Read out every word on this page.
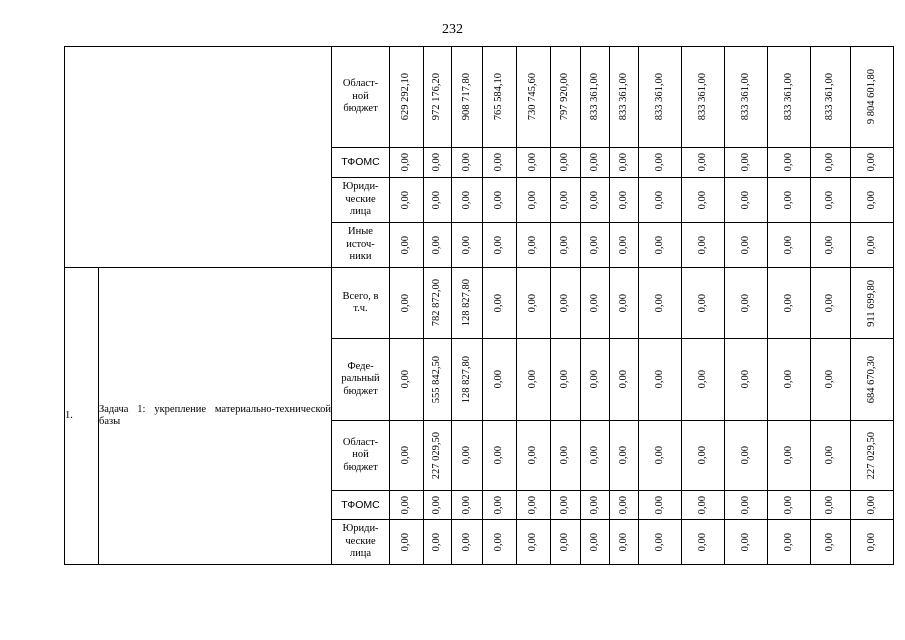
232
		Област-
ной
бюджет	629 292,10	972 176,20	908 717,80	765 584,10	730 745,60	797 920,00	833 361,00	833 361,00	833 361,00	833 361,00	833 361,00	833 361,00	833 361,00	9 804 601,80

		ТФОМС	0,00	0,00	0,00	0,00	0,00	0,00	0,00	0,00	0,00	0,00	0,00	0,00	0,00	0,00

		Юриди-
ческие
лица	0,00	0,00	0,00	0,00	0,00	0,00	0,00	0,00	0,00	0,00	0,00	0,00	0,00	0,00

		Иные
источ-
ники	0,00	0,00	0,00	0,00	0,00	0,00	0,00	0,00	0,00	0,00	0,00	0,00	0,00	0,00

1.	Задача 1: укрепление материально-технической базы	Всего, в
т.ч.	0,00	782 872,00	128 827,80	0,00	0,00	0,00	0,00	0,00	0,00	0,00	0,00	0,00	0,00	911 699,80

		Феде-
ральный
бюджет	0,00	555 842,50	128 827,80	0,00	0,00	0,00	0,00	0,00	0,00	0,00	0,00	0,00	0,00	684 670,30

		Област-
ной
бюджет	0,00	227 029,50	0,00	0,00	0,00	0,00	0,00	0,00	0,00	0,00	0,00	0,00	0,00	227 029,50

		ТФОМС	0,00	0,00	0,00	0,00	0,00	0,00	0,00	0,00	0,00	0,00	0,00	0,00	0,00	0,00

		Юриди-
ческие
лица	0,00	0,00	0,00	0,00	0,00	0,00	0,00	0,00	0,00	0,00	0,00	0,00	0,00	0,00
